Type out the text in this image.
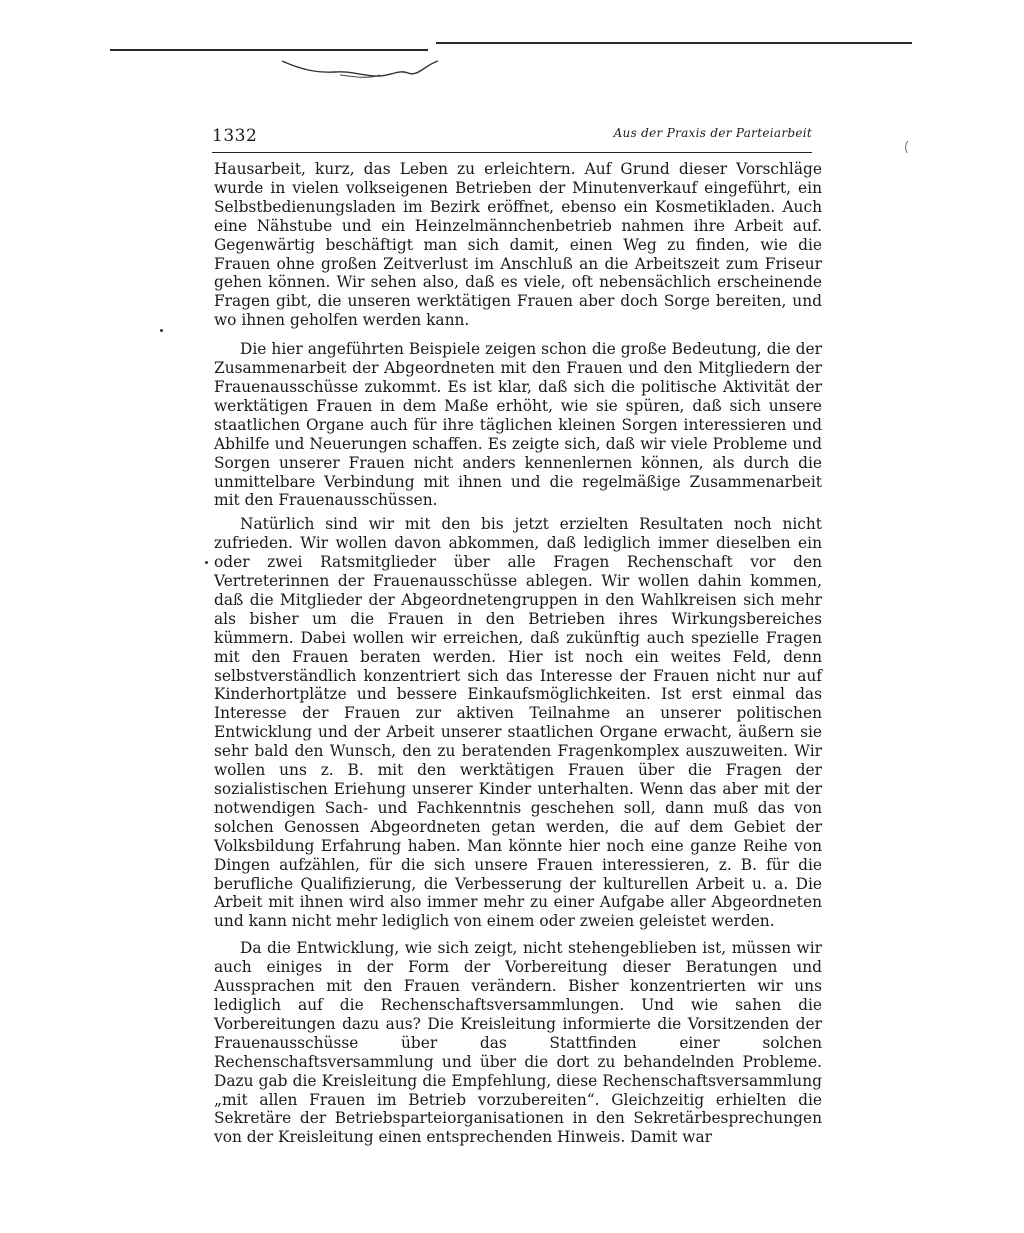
1332	Aus der Praxis der Parteiarbeit

Hausarbeit, kurz, das Leben zu erleichtern. Auf Grund dieser Vorschläge wurde in vielen volkseigenen Betrieben der Minutenverkauf eingeführt, ein Selbstbedienungsladen im Bezirk eröffnet, ebenso ein Kosmetikladen. Auch eine Nähstube und ein Heinzelmännchenbetrieb nahmen ihre Arbeit auf. Gegenwärtig beschäftigt man sich damit, einen Weg zu finden, wie die Frauen ohne großen Zeitverlust im Anschluß an die Arbeitszeit zum Friseur gehen können. Wir sehen also, daß es viele, oft nebensächlich erscheinende Fragen gibt, die unseren werktätigen Frauen aber doch Sorge bereiten, und wo ihnen geholfen werden kann.

Die hier angeführten Beispiele zeigen schon die große Bedeutung, die der Zusammenarbeit der Abgeordneten mit den Frauen und den Mitgliedern der Frauenausschüsse zukommt. Es ist klar, daß sich die politische Aktivität der werktätigen Frauen in dem Maße erhöht, wie sie spüren, daß sich unsere staatlichen Organe auch für ihre täglichen kleinen Sorgen interessieren und Abhilfe und Neuerungen schaffen. Es zeigte sich, daß wir viele Probleme und Sorgen unserer Frauen nicht anders kennenlernen können, als durch die unmittelbare Verbindung mit ihnen und die regelmäßige Zusammenarbeit mit den Frauenausschüssen.

Natürlich sind wir mit den bis jetzt erzielten Resultaten noch nicht zufrieden. Wir wollen davon abkommen, daß lediglich immer dieselben ein oder zwei Ratsmitglieder über alle Fragen Rechenschaft vor den Vertreterinnen der Frauenausschüsse ablegen. Wir wollen dahin kommen, daß die Mitglieder der Abgeordnetengruppen in den Wahlkreisen sich mehr als bisher um die Frauen in den Betrieben ihres Wirkungsbereiches kümmern. Dabei wollen wir erreichen, daß zukünftig auch spezielle Fragen mit den Frauen beraten werden. Hier ist noch ein weites Feld, denn selbstverständlich konzentriert sich das Interesse der Frauen nicht nur auf Kinderhortplätze und bessere Einkaufsmöglichkeiten. Ist erst einmal das Interesse der Frauen zur aktiven Teilnahme an unserer politischen Entwicklung und der Arbeit unserer staatlichen Organe erwacht, äußern sie sehr bald den Wunsch, den zu beratenden Fragenkomplex auszuweiten. Wir wollen uns z. B. mit den werktätigen Frauen über die Fragen der sozialistischen Eriehung unserer Kinder unterhalten. Wenn das aber mit der notwendigen Sach- und Fachkenntnis geschehen soll, dann muß das von solchen Genossen Abgeordneten getan werden, die auf dem Gebiet der Volksbildung Erfahrung haben. Man könnte hier noch eine ganze Reihe von Dingen aufzählen, für die sich unsere Frauen interessieren, z. B. für die berufliche Qualifizierung, die Verbesserung der kulturellen Arbeit u. a. Die Arbeit mit ihnen wird also immer mehr zu einer Aufgabe aller Abgeordneten und kann nicht mehr lediglich von einem oder zweien geleistet werden.

Da die Entwicklung, wie sich zeigt, nicht stehengeblieben ist, müssen wir auch einiges in der Form der Vorbereitung dieser Beratungen und Aussprachen mit den Frauen verändern. Bisher konzentrierten wir uns lediglich auf die Rechenschaftsversammlungen. Und wie sahen die Vorbereitungen dazu aus? Die Kreisleitung informierte die Vorsitzenden der Frauenausschüsse über das Stattfinden einer solchen Rechenschaftsversammlung und über die dort zu behandelnden Probleme. Dazu gab die Kreisleitung die Empfehlung, diese Rechenschaftsversammlung „mit allen Frauen im Betrieb vorzubereiten“. Gleichzeitig erhielten die Sekretäre der Betriebsparteiorganisationen in den Sekretärbesprechungen von der Kreisleitung einen entsprechenden Hinweis. Damit war
